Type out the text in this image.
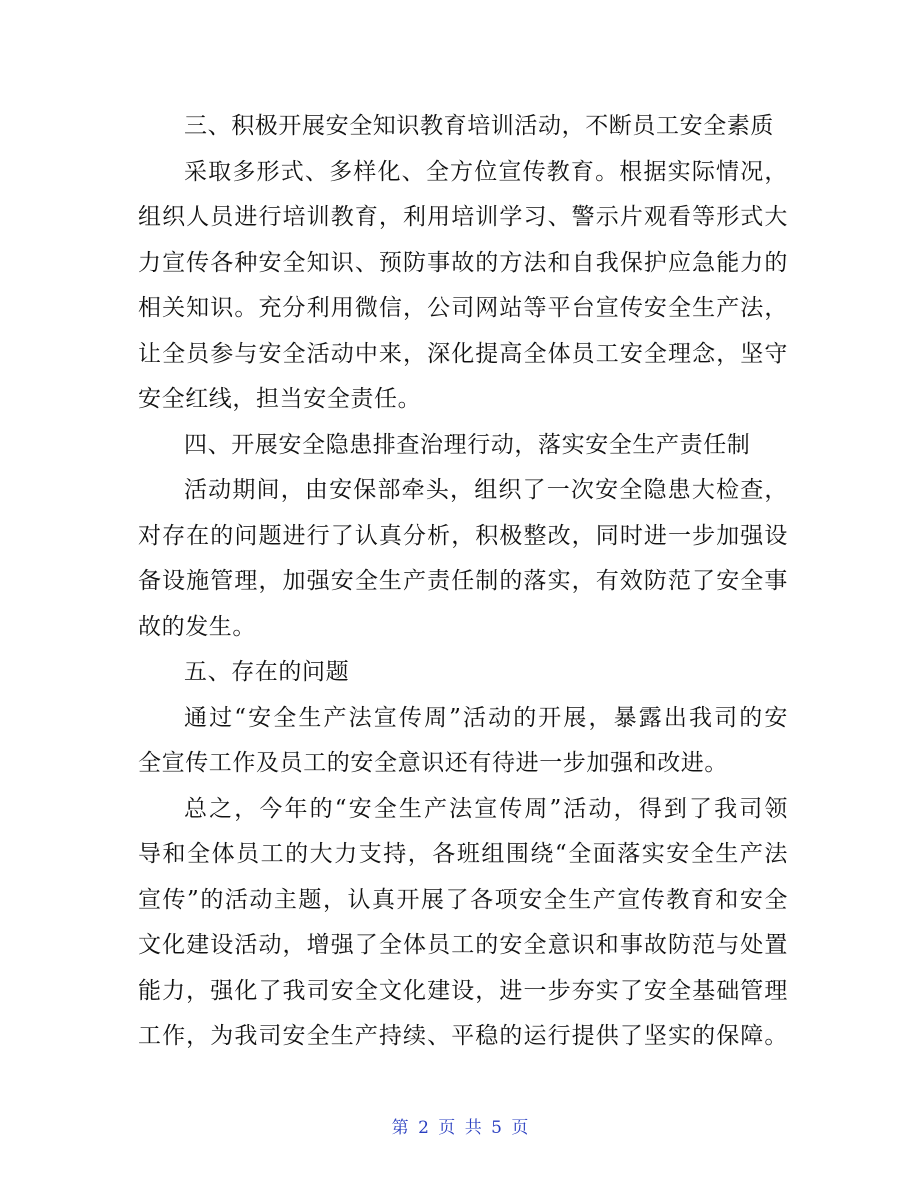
三、积极开展安全知识教育培训活动，不断员工安全素质
采取多形式、多样化、全方位宣传教育。根据实际情况，
组织人员进行培训教育，利用培训学习、警示片观看等形式大
力宣传各种安全知识、预防事故的方法和自我保护应急能力的
相关知识。充分利用微信，公司网站等平台宣传安全生产法，
让全员参与安全活动中来，深化提高全体员工安全理念，坚守
安全红线，担当安全责任。
四、开展安全隐患排查治理行动，落实安全生产责任制
活动期间，由安保部牵头，组织了一次安全隐患大检查，
对存在的问题进行了认真分析，积极整改，同时进一步加强设
备设施管理，加强安全生产责任制的落实，有效防范了安全事
故的发生。
五、存在的问题
通过“安全生产法宣传周”活动的开展，暴露出我司的安
全宣传工作及员工的安全意识还有待进一步加强和改进。
总之，今年的“安全生产法宣传周”活动，得到了我司领
导和全体员工的大力支持，各班组围绕“全面落实安全生产法
宣传”的活动主题，认真开展了各项安全生产宣传教育和安全
文化建设活动，增强了全体员工的安全意识和事故防范与处置
能力，强化了我司安全文化建设，进一步夯实了安全基础管理
工作，为我司安全生产持续、平稳的运行提供了坚实的保障。
第 2 页 共 5 页
